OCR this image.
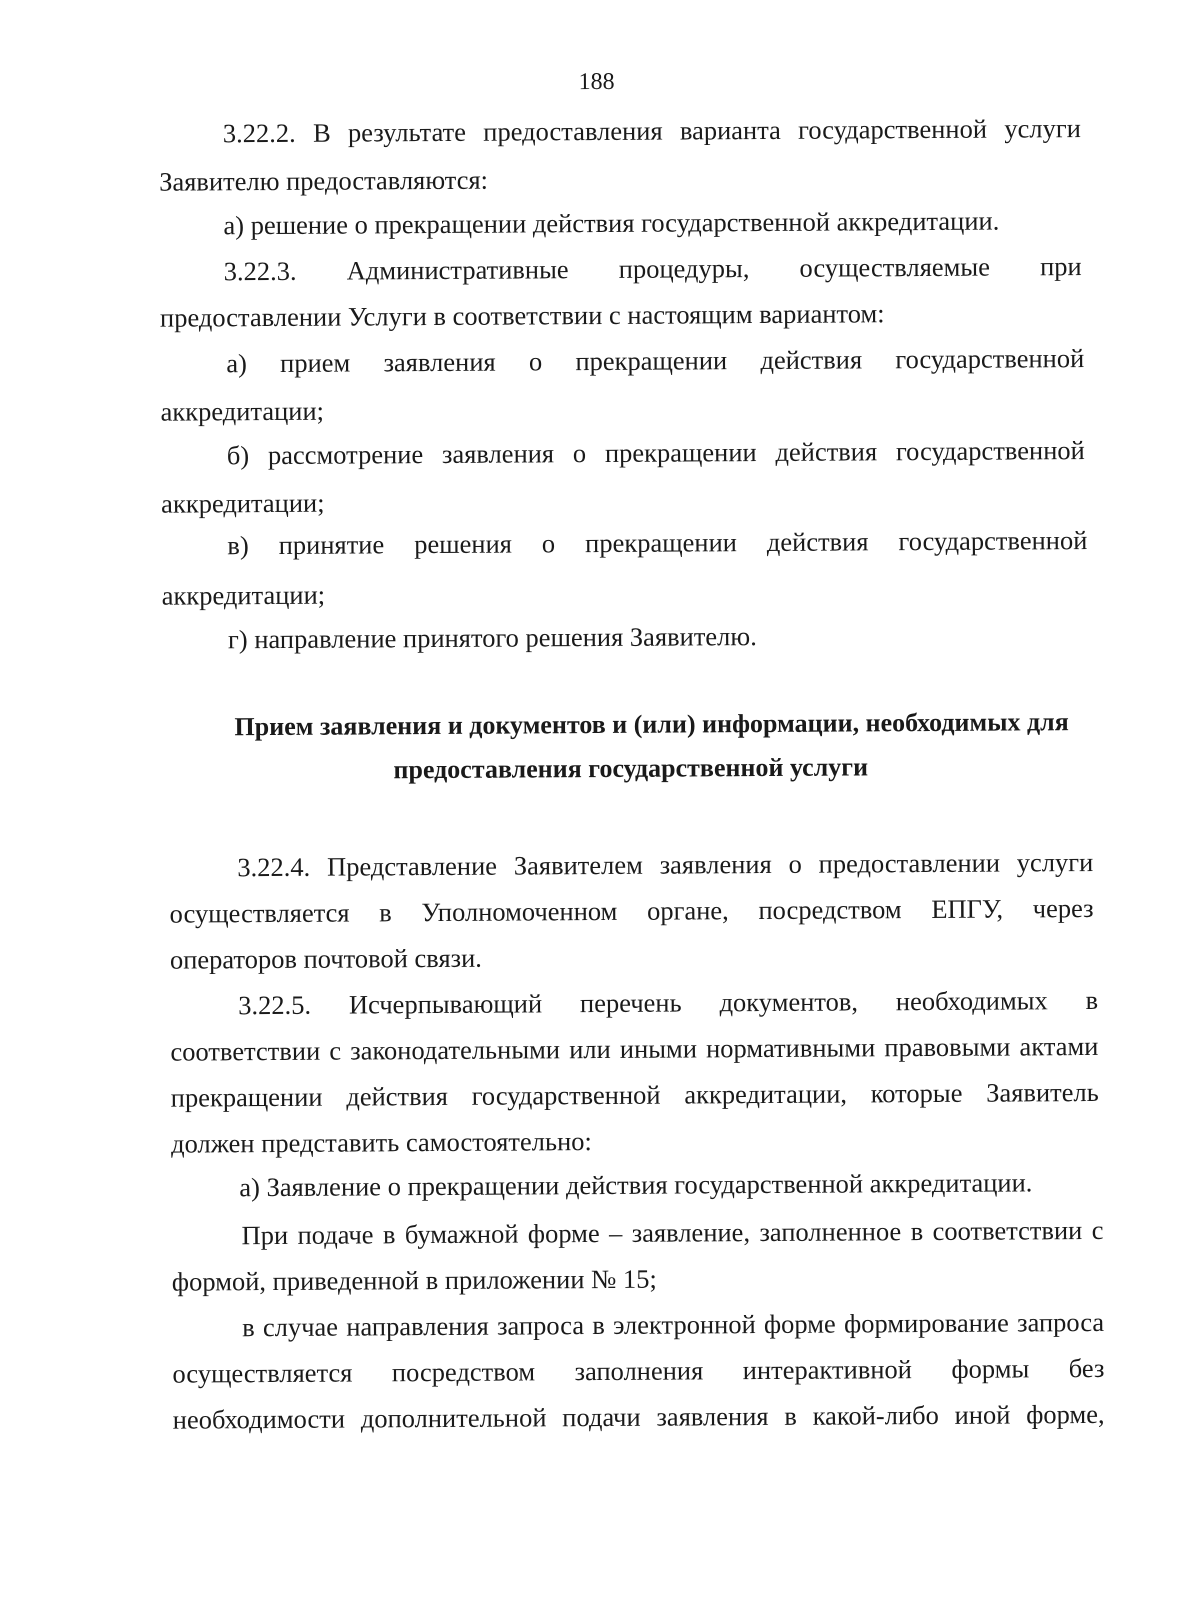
188
3.22.2. В результате предоставления варианта государственной услуги
Заявителю предоставляются:
а) решение о прекращении действия государственной аккредитации.
3.22.3. Административные процедуры, осуществляемые при
предоставлении Услуги в соответствии с настоящим вариантом:
а) прием заявления о прекращении действия государственной
аккредитации;
б) рассмотрение заявления о прекращении действия государственной
аккредитации;
в) принятие решения о прекращении действия государственной
аккредитации;
г) направление принятого решения Заявителю.
Прием заявления и документов и (или) информации, необходимых для
предоставления государственной услуги
3.22.4. Представление Заявителем заявления о предоставлении услуги
осуществляется в Уполномоченном органе, посредством ЕПГУ, через
операторов почтовой связи.
3.22.5. Исчерпывающий перечень документов, необходимых в
соответствии с законодательными или иными нормативными правовыми актами
прекращении действия государственной аккредитации, которые Заявитель
должен представить самостоятельно:
а) Заявление о прекращении действия государственной аккредитации.
При подаче в бумажной форме – заявление, заполненное в соответствии с
формой, приведенной в приложении № 15;
в случае направления запроса в электронной форме формирование запроса
осуществляется посредством заполнения интерактивной формы без
необходимости дополнительной подачи заявления в какой-либо иной форме,
